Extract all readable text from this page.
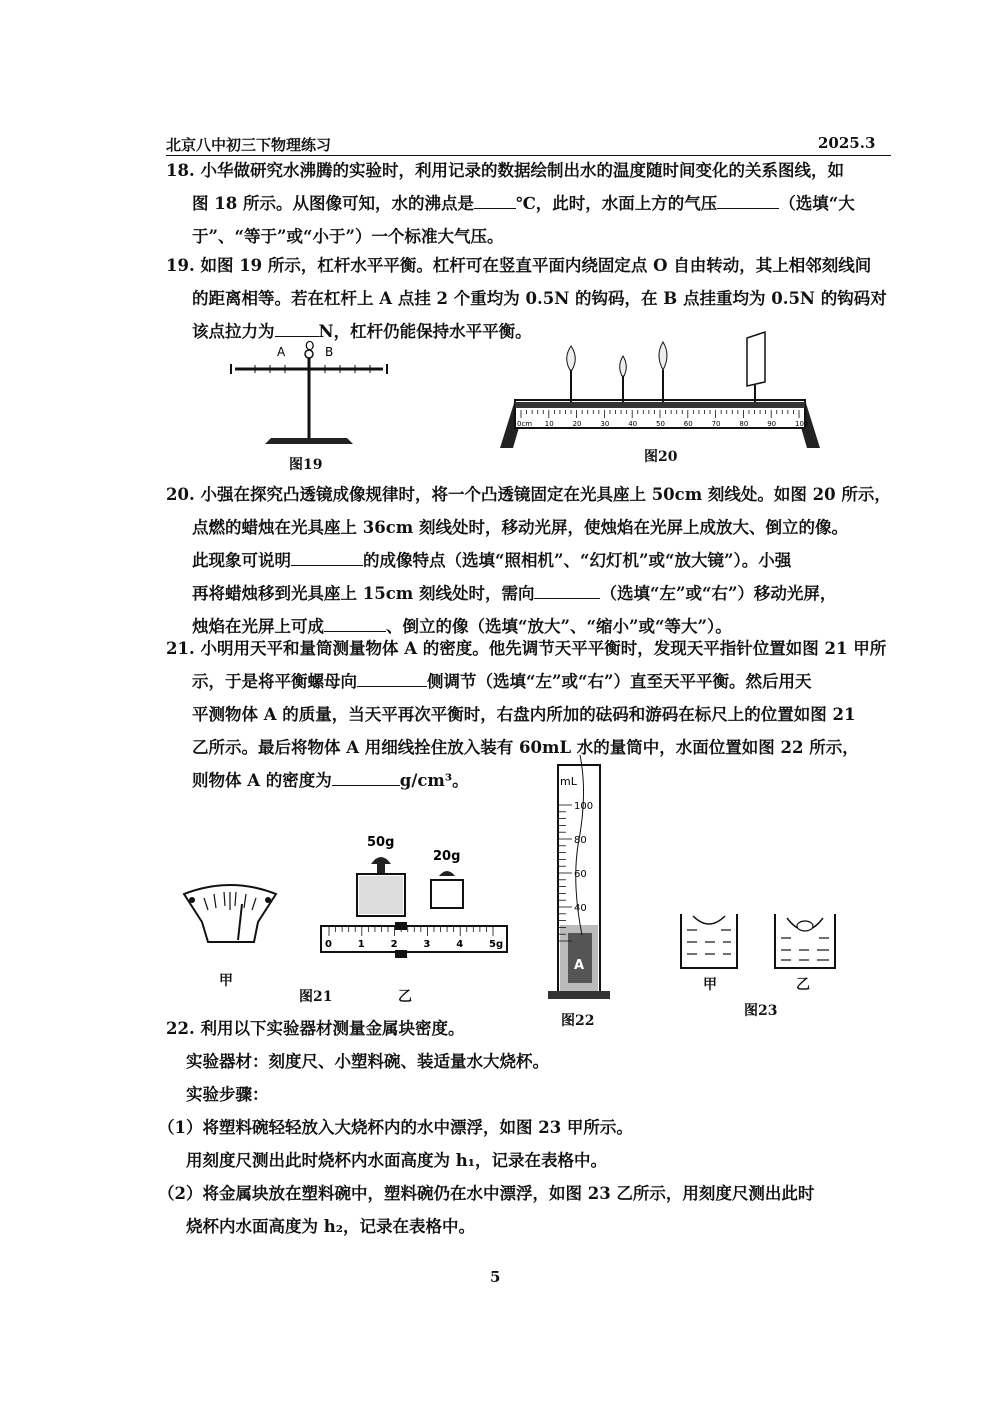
北京八中初三下物理练习	2025.3

18. 小华做研究水沸腾的实验时，利用记录的数据绘制出水的温度随时间变化的关系图线，如

图 18 所示。从图像可知，水的沸点是	℃，此时，水面上方的气压	（选填“大

于”、“等于”或“小于”）一个标准大气压。

19. 如图 19 所示，杠杆水平平衡。杠杆可在竖直平面内绕固定点 O 自由转动，其上相邻刻线间

的距离相等。若在杠杆上 A 点挂 2 个重均为 0.5N 的钩码，在 B 点挂重均为 0.5N 的钩码对

该点拉力为	N，杠杆仍能保持水平平衡。

A O B
图19
0cm 10	20	30	40	50	60	70	80	90	100
图20

20. 小强在探究凸透镜成像规律时，将一个凸透镜固定在光具座上 50cm 刻线处。如图 20 所示，

点燃的蜡烛在光具座上 36cm 刻线处时，移动光屏，使烛焰在光屏上成放大、倒立的像。

此现象可说明	的成像特点（选填“照相机”、“幻灯机”或“放大镜”）。小强

再将蜡烛移到光具座上 15cm 刻线处时，需向	（选填“左”或“右”）移动光屏，

烛焰在光屏上可成	、倒立的像（选填“放大”、“缩小”或“等大”）。

21. 小明用天平和量筒测量物体 A 的密度。他先调节天平平衡时，发现天平指针位置如图 21 甲所

示，于是将平衡螺母向	侧调节（选填“左”或“右”）直至天平平衡。然后用天

平测物体 A 的质量，当天平再次平衡时，右盘内所加的砝码和游码在标尺上的位置如图 21

乙所示。最后将物体 A 用细线拴住放入装有 60mL 水的量筒中，水面位置如图 22 所示，

则物体 A 的密度为	g/cm³。

甲
50g
20g
0	1	2	3	4	5g
图21	乙
100
80
60
40
mL
A
图22
甲	乙
图23

22. 利用以下实验器材测量金属块密度。

实验器材：刻度尺、小塑料碗、装适量水大烧杯。

实验步骤：

（1）将塑料碗轻轻放入大烧杯内的水中漂浮，如图 23 甲所示。

用刻度尺测出此时烧杯内水面高度为 h₁，记录在表格中。

（2）将金属块放在塑料碗中，塑料碗仍在水中漂浮，如图 23 乙所示，用刻度尺测出此时

烧杯内水面高度为 h₂，记录在表格中。

5
